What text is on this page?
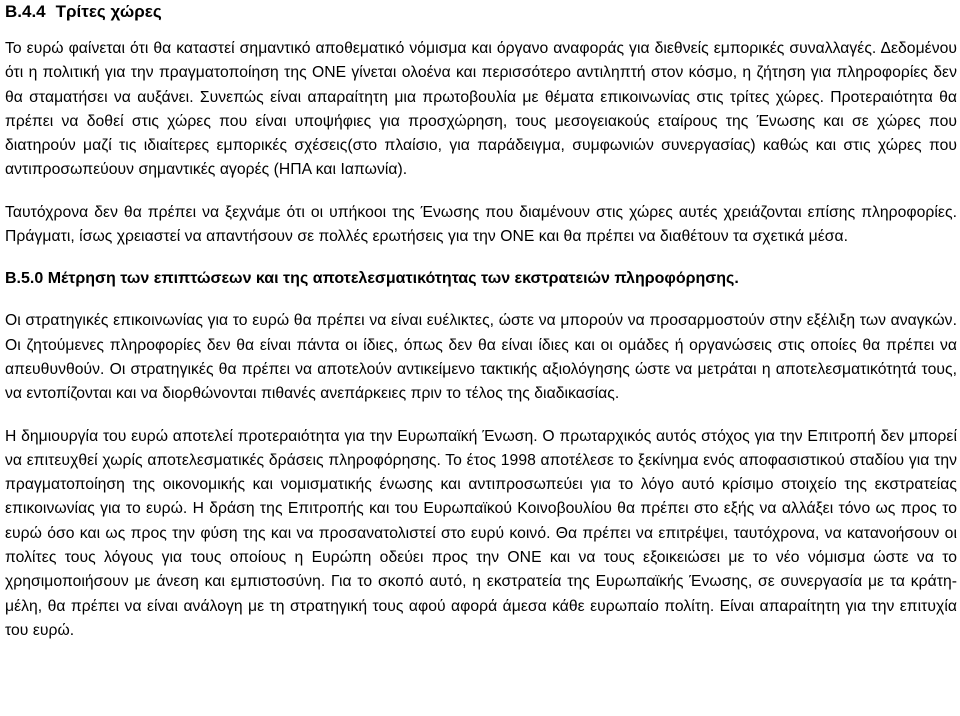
B.4.4 Τρίτες χώρες

Το ευρώ φαίνεται ότι θα καταστεί σημαντικό αποθεματικό νόμισμα και όργανο αναφοράς για διεθνείς εμπορικές συναλλαγές. Δεδομένου ότι η πολιτική για την πραγματοποίηση της ΟΝΕ γίνεται ολοένα και περισσότερο αντιληπτή στον κόσμο, η ζήτηση για πληροφορίες δεν θα σταματήσει να αυξάνει. Συνεπώς είναι απαραίτητη μια πρωτοβουλία με θέματα επικοινωνίας στις τρίτες χώρες. Προτεραιότητα θα πρέπει να δοθεί στις χώρες που είναι υποψήφιες για προσχώρηση, τους μεσογειακούς εταίρους της Ένωσης και σε χώρες που διατηρούν μαζί τις ιδιαίτερες εμπορικές σχέσεις(στο πλαίσιο, για παράδειγμα, συμφωνιών συνεργασίας) καθώς και στις χώρες που αντιπροσωπεύουν σημαντικές αγορές (ΗΠΑ και Ιαπωνία).

Ταυτόχρονα δεν θα πρέπει να ξεχνάμε ότι οι υπήκοοι της Ένωσης που διαμένουν στις χώρες αυτές χρειάζονται επίσης πληροφορίες. Πράγματι, ίσως χρειαστεί να απαντήσουν σε πολλές ερωτήσεις για την ΟΝΕ και θα πρέπει να διαθέτουν τα σχετικά μέσα.

B.5.0 Μέτρηση των επιπτώσεων και της αποτελεσματικότητας των εκστρατειών πληροφόρησης.

Οι στρατηγικές επικοινωνίας για το ευρώ θα πρέπει να είναι ευέλικτες, ώστε να μπορούν να προσαρμοστούν στην εξέλιξη των αναγκών. Οι ζητούμενες πληροφορίες δεν θα είναι πάντα οι ίδιες, όπως δεν θα είναι ίδιες και οι ομάδες ή οργανώσεις στις οποίες θα πρέπει να απευθυνθούν. Οι στρατηγικές θα πρέπει να αποτελούν αντικείμενο τακτικής αξιολόγησης ώστε να μετράται η αποτελεσματικότητά τους, να εντοπίζονται και να διορθώνονται πιθανές ανεπάρκειες πριν το τέλος της διαδικασίας.

Η δημιουργία του ευρώ αποτελεί προτεραιότητα για την Ευρωπαϊκή Ένωση. Ο πρωταρχικός αυτός στόχος για την Επιτροπή δεν μπορεί να επιτευχθεί χωρίς αποτελεσματικές δράσεις πληροφόρησης. Το έτος 1998 αποτέλεσε το ξεκίνημα ενός αποφασιστικού σταδίου για την πραγματοποίηση της οικονομικής και νομισματικής ένωσης και αντιπροσωπεύει για το λόγο αυτό κρίσιμο στοιχείο της εκστρατείας επικοινωνίας για το ευρώ. Η δράση της Επιτροπής και του Ευρωπαϊκού Κοινοβουλίου θα πρέπει στο εξής να αλλάξει τόνο ως προς το ευρώ όσο και ως προς την φύση της και να προσανατολιστεί στο ευρύ κοινό. Θα πρέπει να επιτρέψει, ταυτόχρονα, να κατανοήσουν οι πολίτες τους λόγους για τους οποίους η Ευρώπη οδεύει προς την ΟΝΕ και να τους εξοικειώσει με το νέο νόμισμα ώστε να το χρησιμοποιήσουν με άνεση και εμπιστοσύνη. Για το σκοπό αυτό, η εκστρατεία της Ευρωπαϊκής Ένωσης, σε συνεργασία με τα κράτη-μέλη, θα πρέπει να είναι ανάλογη με τη στρατηγική τους αφού αφορά άμεσα κάθε ευρωπαίο πολίτη. Είναι απαραίτητη για την επιτυχία του ευρώ.
